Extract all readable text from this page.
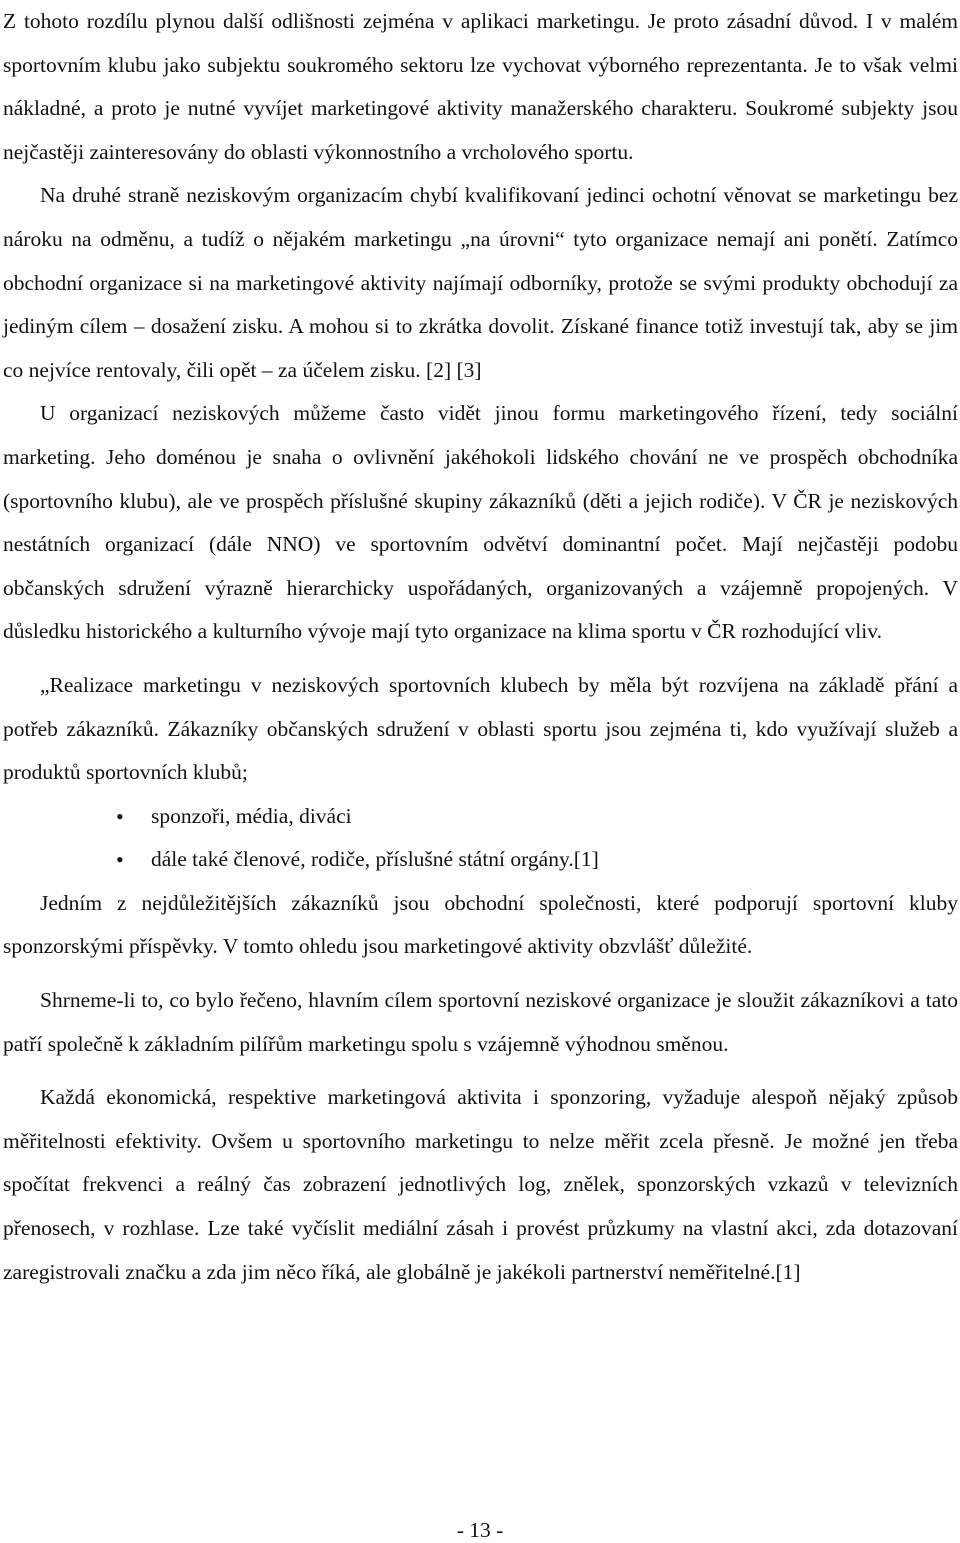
Z tohoto rozdílu plynou další odlišnosti zejména v aplikaci marketingu. Je proto zásadní důvod. I v malém sportovním klubu jako subjektu soukromého sektoru lze vychovat výborného reprezentanta. Je to však velmi nákladné, a proto je nutné vyvíjet marketingové aktivity manažerského charakteru. Soukromé subjekty jsou nejčastěji zainteresovány do oblasti výkonnostního a vrcholového sportu.

Na druhé straně neziskovým organizacím chybí kvalifikovaní jedinci ochotní věnovat se marketingu bez nároku na odměnu, a tudíž o nějakém marketingu „na úrovni“ tyto organizace nemají ani ponětí. Zatímco obchodní organizace si na marketingové aktivity najímají odborníky, protože se svými produkty obchodují za jediným cílem – dosažení zisku. A mohou si to zkrátka dovolit. Získané finance totiž investují tak, aby se jim co nejvíce rentovaly, čili opět – za účelem zisku. [2] [3]

U organizací neziskových můžeme často vidět jinou formu marketingového řízení, tedy sociální marketing. Jeho doménou je snaha o ovlivnění jakéhokoli lidského chování ne ve prospěch obchodníka (sportovního klubu), ale ve prospěch příslušné skupiny zákazníků (děti a jejich rodiče). V ČR je neziskových nestátních organizací (dále NNO) ve sportovním odvětví dominantní počet. Mají nejčastěji podobu občanských sdružení výrazně hierarchicky uspořádaných, organizovaných a vzájemně propojených. V důsledku historického a kulturního vývoje mají tyto organizace na klima sportu v ČR rozhodující vliv.

„Realizace marketingu v neziskových sportovních klubech by měla být rozvíjena na základě přání a potřeb zákazníků. Zákazníky občanských sdružení v oblasti sportu jsou zejména ti, kdo využívají služeb a produktů sportovních klubů;

• sponzoři, média, diváci
• dále také členové, rodiče, příslušné státní orgány.[1]

Jedním z nejdůležitějších zákazníků jsou obchodní společnosti, které podporují sportovní kluby sponzorskými příspěvky. V tomto ohledu jsou marketingové aktivity obzvlášť důležité.

Shrneme-li to, co bylo řečeno, hlavním cílem sportovní neziskové organizace je sloužit zákazníkovi a tato patří společně k základním pilířům marketingu spolu s vzájemně výhodnou směnou.

Každá ekonomická, respektive marketingová aktivita i sponzoring, vyžaduje alespoň nějaký způsob měřitelnosti efektivity. Ovšem u sportovního marketingu to nelze měřit zcela přesně. Je možné jen třeba spočítat frekvenci a reálný čas zobrazení jednotlivých log, znělek, sponzorských vzkazů v televizních přenosech, v rozhlase. Lze také vyčíslit mediální zásah i provést průzkumy na vlastní akci, zda dotazovaní zaregistrovali značku a zda jim něco říká, ale globálně je jakékoli partnerství neměřitelné.[1]

- 13 -
